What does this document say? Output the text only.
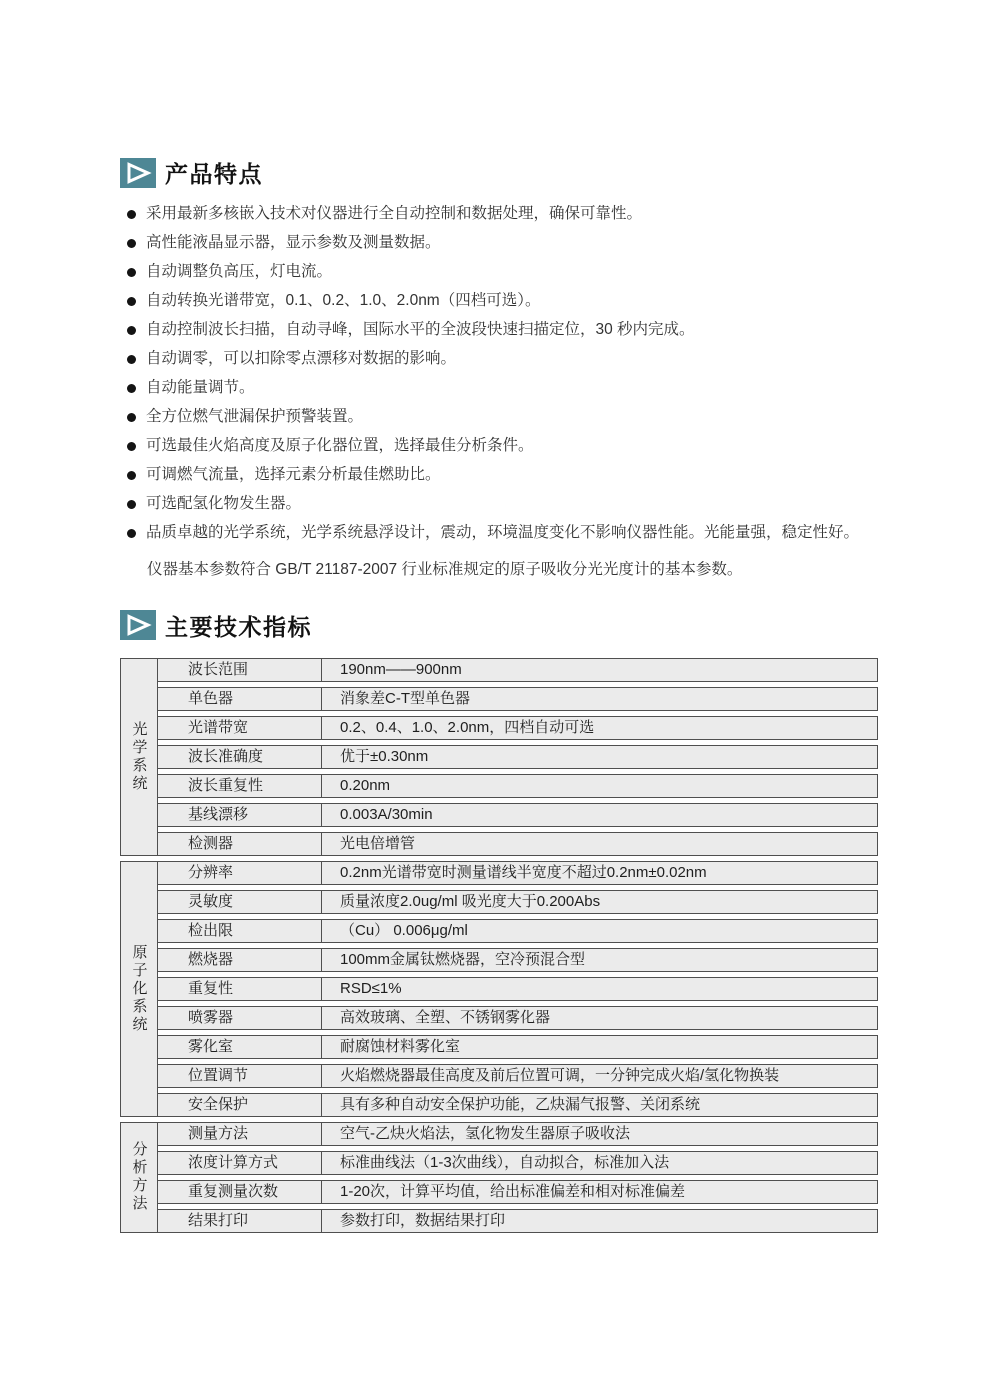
产品特点
采用最新多核嵌入技术对仪器进行全自动控制和数据处理，确保可靠性。
高性能液晶显示器，显示参数及测量数据。
自动调整负高压，灯电流。
自动转换光谱带宽，0.1、0.2、1.0、2.0nm（四档可选）。
自动控制波长扫描，自动寻峰，国际水平的全波段快速扫描定位，30 秒内完成。
自动调零，可以扣除零点漂移对数据的影响。
自动能量调节。
全方位燃气泄漏保护预警装置。
可选最佳火焰高度及原子化器位置，选择最佳分析条件。
可调燃气流量，选择元素分析最佳燃助比。
可选配氢化物发生器。
品质卓越的光学系统，光学系统悬浮设计，震动，环境温度变化不影响仪器性能。光能量强，稳定性好。
仪器基本参数符合 GB/T 21187-2007 行业标准规定的原子吸收分光光度计的基本参数。
主要技术指标
光学系统
波长范围	190nm——900nm
单色器	消象差C-T型单色器
光谱带宽	0.2、0.4、1.0、2.0nm，四档自动可选
波长准确度	优于±0.30nm
波长重复性	0.20nm
基线漂移	0.003A/30min
检测器	光电倍增管
原子化系统
分辨率	0.2nm光谱带宽时测量谱线半宽度不超过0.2nm±0.02nm
灵敏度	质量浓度2.0ug/ml 吸光度大于0.200Abs
检出限	（Cu） 0.006μg/ml
燃烧器	100mm金属钛燃烧器，空冷预混合型
重复性	RSD≤1%
喷雾器	高效玻璃、全塑、不锈钢雾化器
雾化室	耐腐蚀材料雾化室
位置调节	火焰燃烧器最佳高度及前后位置可调，一分钟完成火焰/氢化物换装
安全保护	具有多种自动安全保护功能，乙炔漏气报警、关闭系统
分析方法
测量方法	空气-乙炔火焰法，氢化物发生器原子吸收法
浓度计算方式	标准曲线法（1-3次曲线），自动拟合，标准加入法
重复测量次数	1-20次，计算平均值，给出标准偏差和相对标准偏差
结果打印	参数打印，数据结果打印
